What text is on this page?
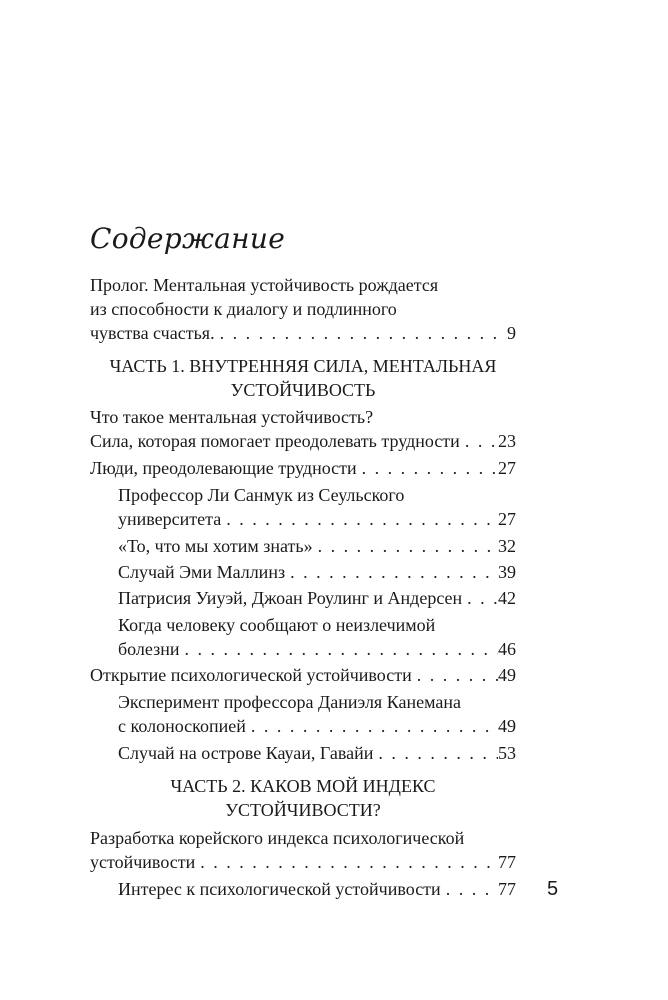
Содержание
Пролог. Ментальная устойчивость рождается
из способности к диалогу и подлинного
чувства счастья. . . .	9
ЧАСТЬ 1. ВНУТРЕННЯЯ СИЛА, МЕНТАЛЬНАЯ
УСТОЙЧИВОСТЬ
Что такое ментальная устойчивость?
Сила, которая помогает преодолевать трудности . . . 23
Люди, преодолевающие трудности . . .	27
Профессор Ли Санмук из Сеульского
университета . . .	27
«То, что мы хотим знать» . . .	32
Случай Эми Маллинз . . .	39
Патрисия Уиуэй, Джоан Роулинг и Андерсен . . . 42
Когда человеку сообщают о неизлечимой
болезни . . .	46
Открытие психологической устойчивости . . .	49
Эксперимент профессора Даниэля Канемана
с колоноскопией . . .	49
Случай на острове Кауаи, Гавайи . . .	53
ЧАСТЬ 2. КАКОВ МОЙ ИНДЕКС
УСТОЙЧИВОСТИ?
Разработка корейского индекса психологической
устойчивости . . .	77
Интерес к психологической устойчивости . . .	77 5
